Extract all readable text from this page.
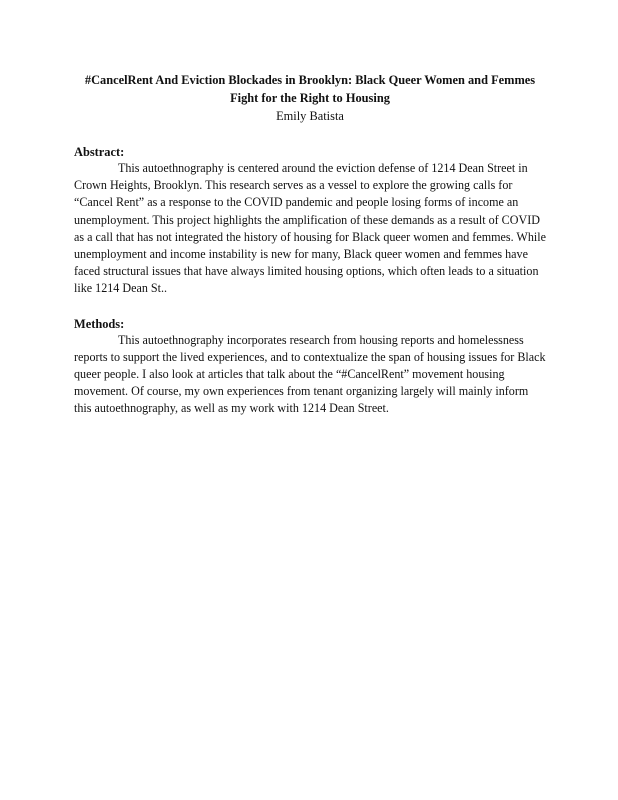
#CancelRent And Eviction Blockades in Brooklyn: Black Queer Women and Femmes Fight for the Right to Housing

Emily Batista

Abstract:

This autoethnography is centered around the eviction defense of 1214 Dean Street in Crown Heights, Brooklyn. This research serves as a vessel to explore the growing calls for “Cancel Rent” as a response to the COVID pandemic and people losing forms of income an unemployment. This project highlights the amplification of these demands as a result of COVID as a call that has not integrated the history of housing for Black queer women and femmes. While unemployment and income instability is new for many, Black queer women and femmes have faced structural issues that have always limited housing options, which often leads to a situation like 1214 Dean St..

Methods:

This autoethnography incorporates research from housing reports and homelessness reports to support the lived experiences, and to contextualize the span of housing issues for Black queer people. I also look at articles that talk about the “#CancelRent” movement housing movement. Of course, my own experiences from tenant organizing largely will mainly inform this autoethnography, as well as my work with 1214 Dean Street.
